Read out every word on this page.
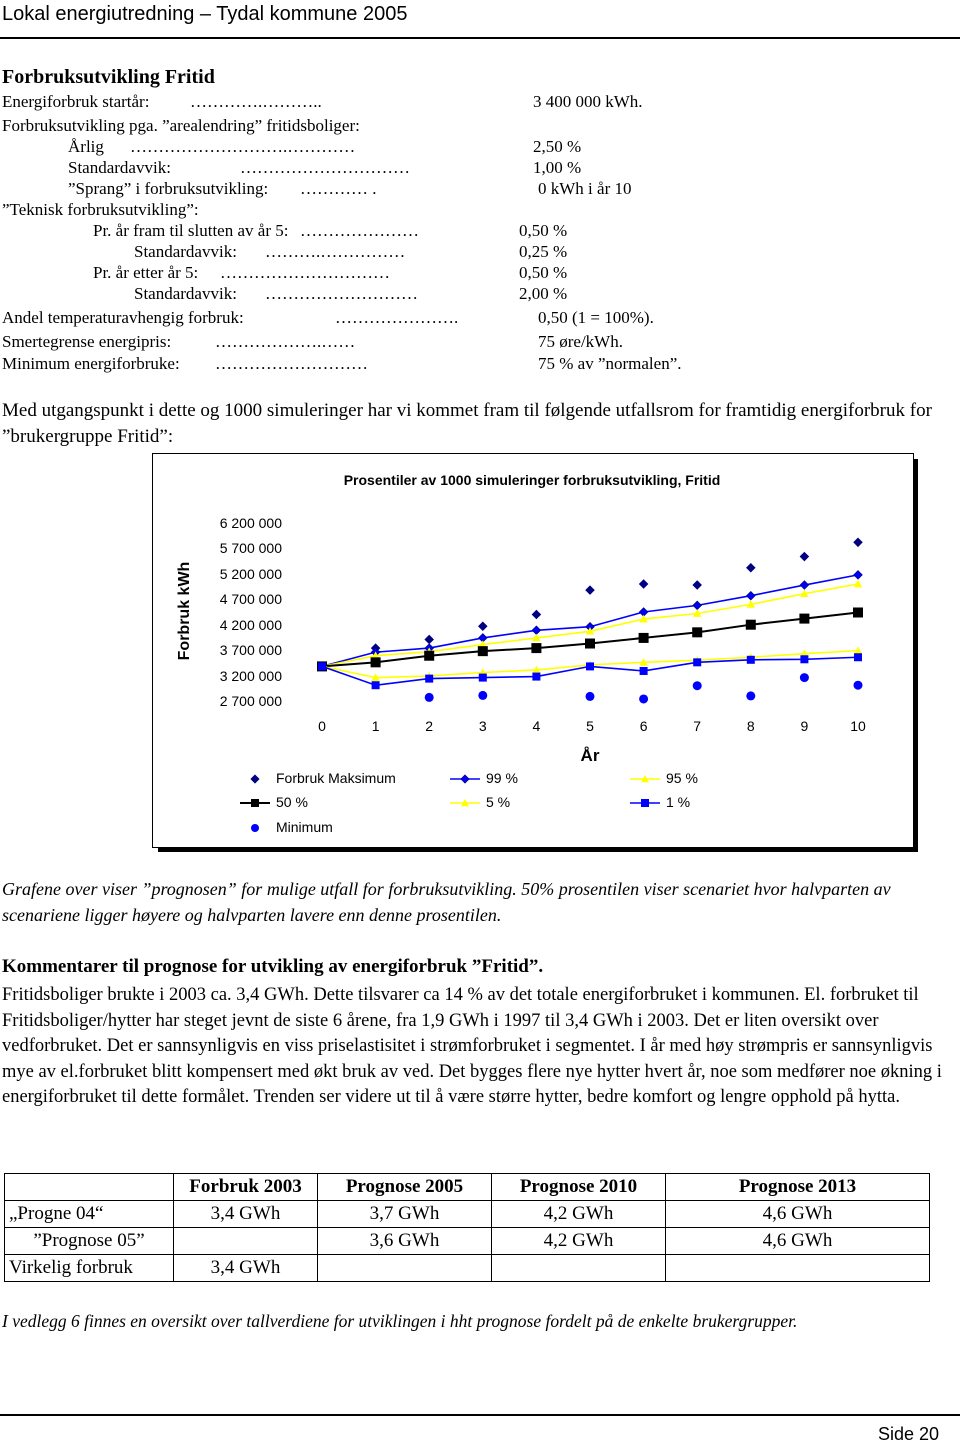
Lokal energiutredning – Tydal kommune 2005
Forbruksutvikling Fritid
Energiforbruk startår: ………….………..	3 400 000 kWh.
Forbruksutvikling pga. ”arealendring” fritidsboliger:
Årlig ……………………….…………	2,50 %
Standardavvik:	…………………………	1,00 %
”Sprang” i forbruksutvikling: ………… .	0 kWh i år 10
”Teknisk forbruksutvikling”:
Pr. år fram til slutten av år 5: …………………	0,50 %
Standardavvik: ……….……………	0,25 %
Pr. år etter år 5: …………………………	0,50 %
Standardavvik: ………………………	2,00 %
Andel temperaturavhengig forbruk:	………………….	0,50 (1 = 100%).
Smertegrense energipris:	……………….……	75 øre/kWh.
Minimum energiforbruke: ………………………	75 % av ”normalen”.
Med utgangspunkt i dette og 1000 simuleringer har vi kommet fram til følgende utfallsrom for framtidig energiforbruk for ”brukergruppe Fritid”:
Prosentiler av 1000 simuleringer forbruksutvikling, Fritid
Forbruk kWh
År
2 700 000
3 200 000
3 700 000
4 200 000
4 700 000
5 200 000
5 700 000
6 200 000
0	1	2	3	4	5	6	7	8	9	10
Forbruk Maksimum	99 %	95 %
50 %	5 %	1 %
Minimum
Grafene over viser ”prognosen” for mulige utfall for forbruksutvikling. 50% prosentilen viser scenariet hvor halvparten av scenariene ligger høyere og halvparten lavere enn denne prosentilen.
Kommentarer til prognose for utvikling av energiforbruk ”Fritid”.
Fritidsboliger brukte i 2003 ca. 3,4 GWh. Dette tilsvarer ca 14 % av det totale energiforbruket i kommunen. El. forbruket til Fritidsboliger/hytter har steget jevnt de siste 6 årene, fra 1,9 GWh i 1997 til 3,4 GWh i 2003. Det er liten oversikt over vedforbruket. Det er sannsynligvis en viss priselastisitet i strømforbruket i segmentet. I år med høy strømpris er sannsynligvis mye av el.forbruket blitt kompensert med økt bruk av ved. Det bygges flere nye hytter hvert år, noe som medfører noe økning i energiforbruket til dette formålet. Trenden ser videre ut til å være større hytter, bedre komfort og lengre opphold på hytta.
	Forbruk 2003	Prognose 2005	Prognose 2010	Prognose 2013
„Progne 04“	3,4 GWh	3,7 GWh	4,2 GWh	4,6 GWh
”Prognose 05”		3,6 GWh	4,2 GWh	4,6 GWh
Virkelig forbruk	3,4 GWh			
I vedlegg 6 finnes en oversikt over tallverdiene for utviklingen i hht prognose fordelt på de enkelte brukergrupper.
Side 20
